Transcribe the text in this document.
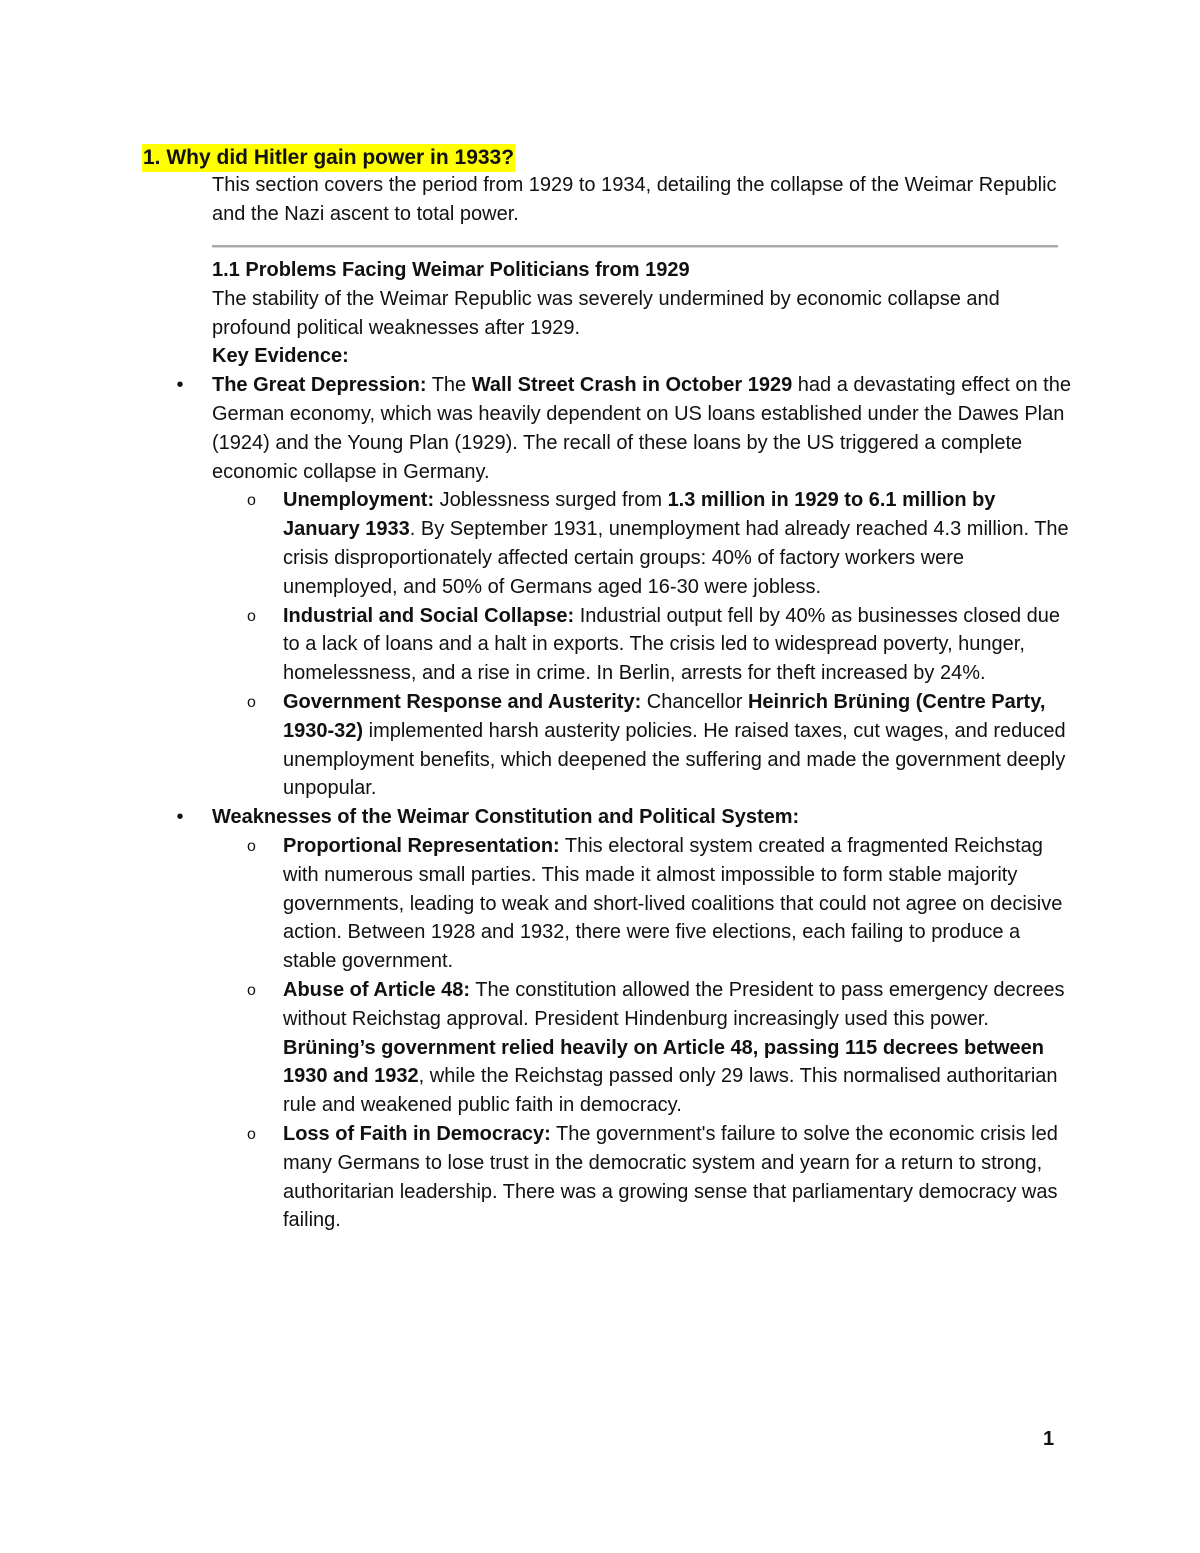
1. Why did Hitler gain power in 1933?
This section covers the period from 1929 to 1934, detailing the collapse of the Weimar Republic and the Nazi ascent to total power.

1.1 Problems Facing Weimar Politicians from 1929

The stability of the Weimar Republic was severely undermined by economic collapse and profound political weaknesses after 1929.

Key Evidence:

• The Great Depression: The Wall Street Crash in October 1929 had a devastating effect on the German economy, which was heavily dependent on US loans established under the Dawes Plan (1924) and the Young Plan (1929). The recall of these loans by the US triggered a complete economic collapse in Germany.
o Unemployment: Joblessness surged from 1.3 million in 1929 to 6.1 million by January 1933. By September 1931, unemployment had already reached 4.3 million. The crisis disproportionately affected certain groups: 40% of factory workers were unemployed, and 50% of Germans aged 16-30 were jobless.
o Industrial and Social Collapse: Industrial output fell by 40% as businesses closed due to a lack of loans and a halt in exports. The crisis led to widespread poverty, hunger, homelessness, and a rise in crime. In Berlin, arrests for theft increased by 24%.
o Government Response and Austerity: Chancellor Heinrich Brüning (Centre Party, 1930-32) implemented harsh austerity policies. He raised taxes, cut wages, and reduced unemployment benefits, which deepened the suffering and made the government deeply unpopular.
• Weaknesses of the Weimar Constitution and Political System:
o Proportional Representation: This electoral system created a fragmented Reichstag with numerous small parties. This made it almost impossible to form stable majority governments, leading to weak and short-lived coalitions that could not agree on decisive action. Between 1928 and 1932, there were five elections, each failing to produce a stable government.
o Abuse of Article 48: The constitution allowed the President to pass emergency decrees without Reichstag approval. President Hindenburg increasingly used this power. Brüning’s government relied heavily on Article 48, passing 115 decrees between 1930 and 1932, while the Reichstag passed only 29 laws. This normalised authoritarian rule and weakened public faith in democracy.
o Loss of Faith in Democracy: The government's failure to solve the economic crisis led many Germans to lose trust in the democratic system and yearn for a return to strong, authoritarian leadership. There was a growing sense that parliamentary democracy was failing.
1
